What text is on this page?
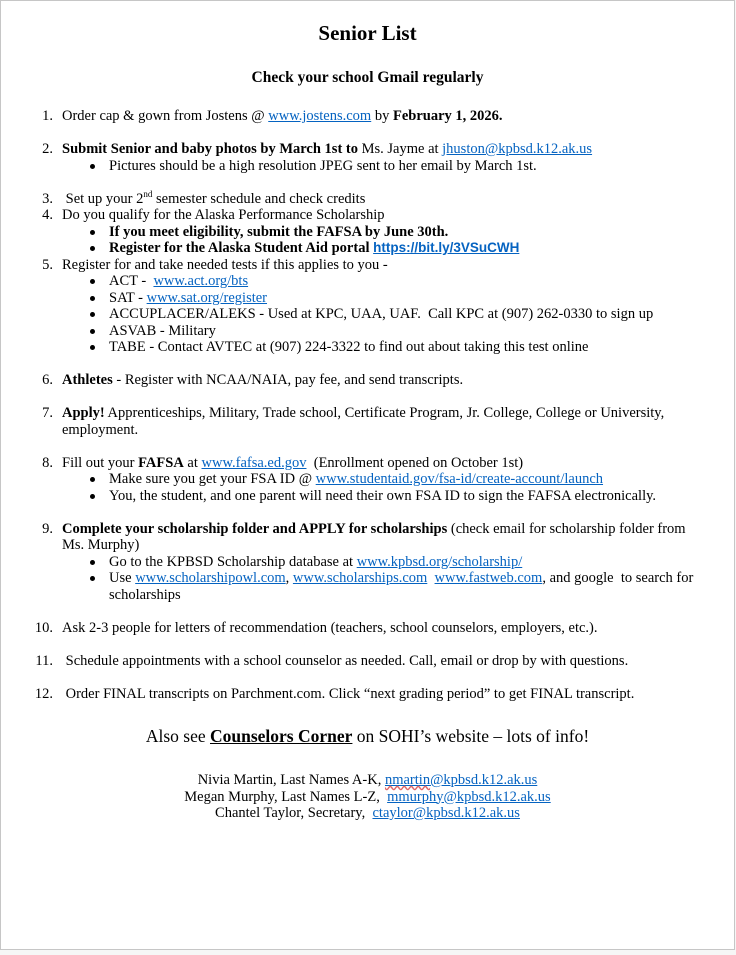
Senior List
Check your school Gmail regularly
1. Order cap & gown from Jostens @ www.jostens.com by February 1, 2026.
2. Submit Senior and baby photos by March 1st to Ms. Jayme at jhuston@kpbsd.k12.ak.us
Pictures should be a high resolution JPEG sent to her email by March 1st.
3. Set up your 2nd semester schedule and check credits
4. Do you qualify for the Alaska Performance Scholarship
If you meet eligibility, submit the FAFSA by June 30th.
Register for the Alaska Student Aid portal https://bit.ly/3VSuCWH
5. Register for and take needed tests if this applies to you -
ACT -  www.act.org/bts
SAT - www.sat.org/register
ACCUPLACER/ALEKS - Used at KPC, UAA, UAF.  Call KPC at (907) 262-0330 to sign up
ASVAB - Military
TABE - Contact AVTEC at (907) 224-3322 to find out about taking this test online
6. Athletes - Register with NCAA/NAIA, pay fee, and send transcripts.
7. Apply! Apprenticeships, Military, Trade school, Certificate Program, Jr. College, College or University, employment.
8. Fill out your FAFSA at www.fafsa.ed.gov  (Enrollment opened on October 1st)
Make sure you get your FSA ID @ www.studentaid.gov/fsa-id/create-account/launch
You, the student, and one parent will need their own FSA ID to sign the FAFSA electronically.
9. Complete your scholarship folder and APPLY for scholarships (check email for scholarship folder from Ms. Murphy)
Go to the KPBSD Scholarship database at www.kpbsd.org/scholarship/
Use www.scholarshipowl.com, www.scholarships.com www.fastweb.com, and google  to search for scholarships
10. Ask 2-3 people for letters of recommendation (teachers, school counselors, employers, etc.).
11. Schedule appointments with a school counselor as needed. Call, email or drop by with questions.
12. Order FINAL transcripts on Parchment.com. Click “next grading period” to get FINAL transcript.
Also see Counselors Corner on SOHI’s website – lots of info!
Nivia Martin, Last Names A-K, nmartin@kpbsd.k12.ak.us
Megan Murphy, Last Names L-Z,  mmurphy@kpbsd.k12.ak.us
Chantel Taylor, Secretary,  ctaylor@kpbsd.k12.ak.us
